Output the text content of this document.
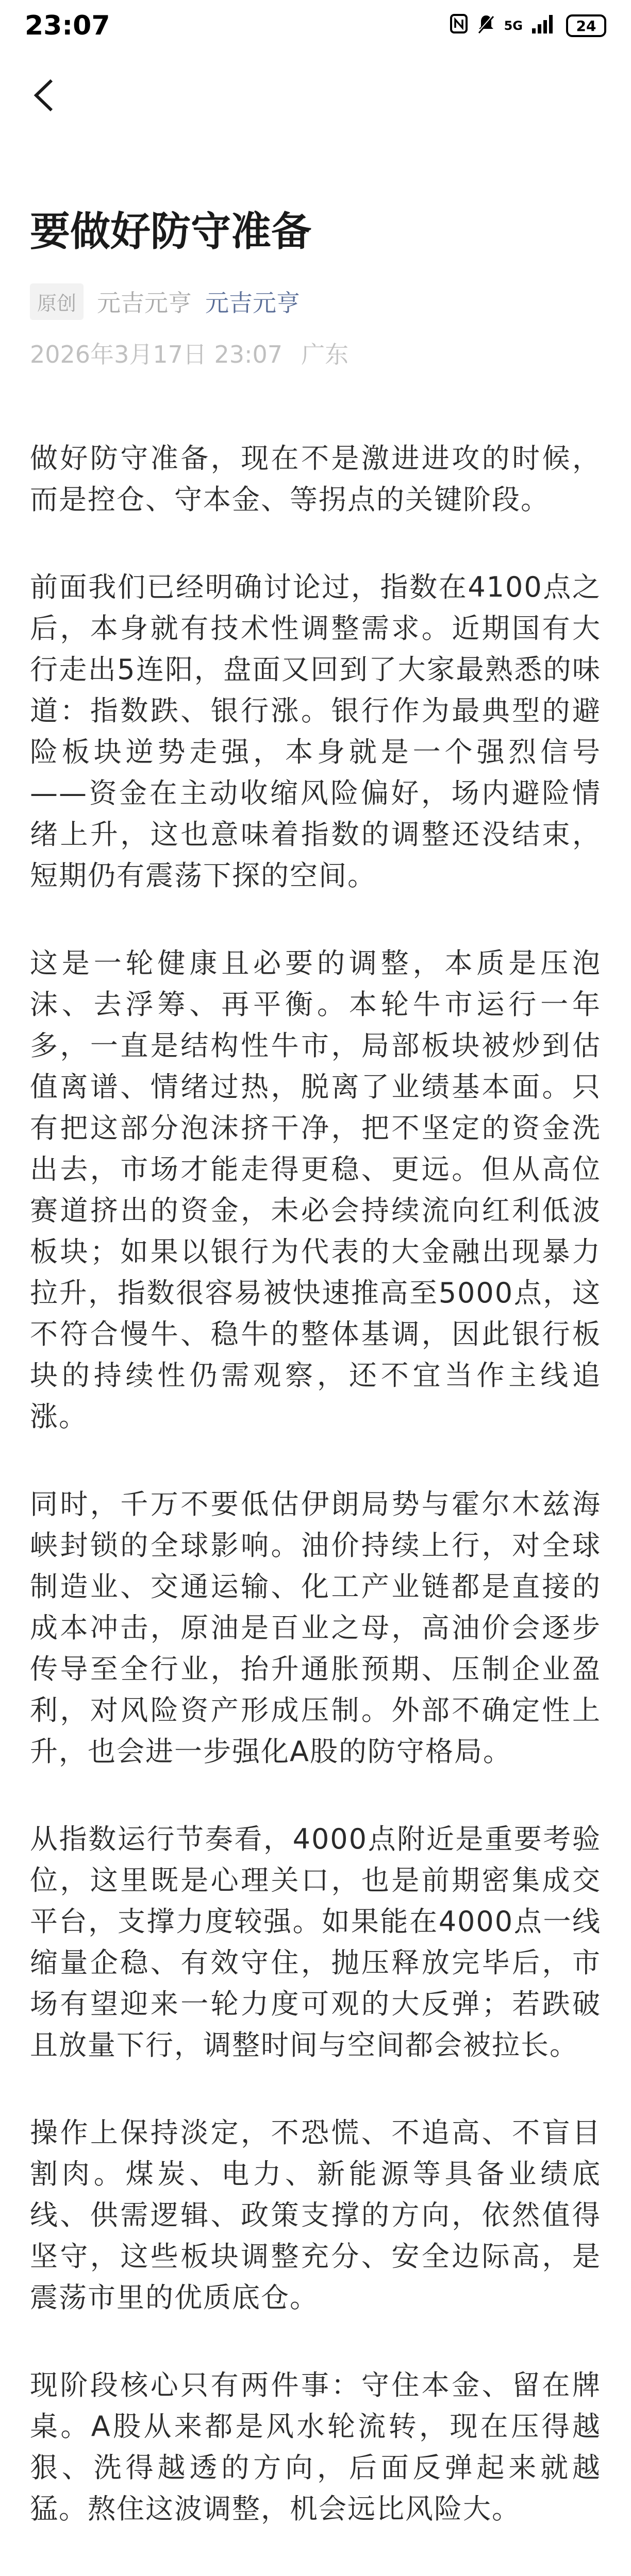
23:07	5G	24
要做好防守准备
原创 元吉元亨 元吉元亨
2026年3月17日 23:07 广东

做好防守准备，现在不是激进进攻的时候，而是控仓、守本金、等拐点的关键阶段。

前面我们已经明确讨论过，指数在4100点之后，本身就有技术性调整需求。近期国有大行走出5连阳，盘面又回到了大家最熟悉的味道：指数跌、银行涨。银行作为最典型的避险板块逆势走强，本身就是一个强烈信号——资金在主动收缩风险偏好，场内避险情绪上升，这也意味着指数的调整还没结束，短期仍有震荡下探的空间。

这是一轮健康且必要的调整，本质是压泡沫、去浮筹、再平衡。本轮牛市运行一年多，一直是结构性牛市，局部板块被炒到估值离谱、情绪过热，脱离了业绩基本面。只有把这部分泡沫挤干净，把不坚定的资金洗出去，市场才能走得更稳、更远。但从高位赛道挤出的资金，未必会持续流向红利低波板块；如果以银行为代表的大金融出现暴力拉升，指数很容易被快速推高至5000点，这不符合慢牛、稳牛的整体基调，因此银行板块的持续性仍需观察，还不宜当作主线追涨。

同时，千万不要低估伊朗局势与霍尔木兹海峡封锁的全球影响。油价持续上行，对全球制造业、交通运输、化工产业链都是直接的成本冲击，原油是百业之母，高油价会逐步传导至全行业，抬升通胀预期、压制企业盈利，对风险资产形成压制。外部不确定性上升，也会进一步强化A股的防守格局。

从指数运行节奏看，4000点附近是重要考验位，这里既是心理关口，也是前期密集成交平台，支撑力度较强。如果能在4000点一线缩量企稳、有效守住，抛压释放完毕后，市场有望迎来一轮力度可观的大反弹；若跌破且放量下行，调整时间与空间都会被拉长。

操作上保持淡定，不恐慌、不追高、不盲目割肉。煤炭、电力、新能源等具备业绩底线、供需逻辑、政策支撑的方向，依然值得坚守，这些板块调整充分、安全边际高，是震荡市里的优质底仓。

现阶段核心只有两件事：守住本金、留在牌桌。A股从来都是风水轮流转，现在压得越狠、洗得越透的方向，后面反弹起来就越猛。熬住这波调整，机会远比风险大。
